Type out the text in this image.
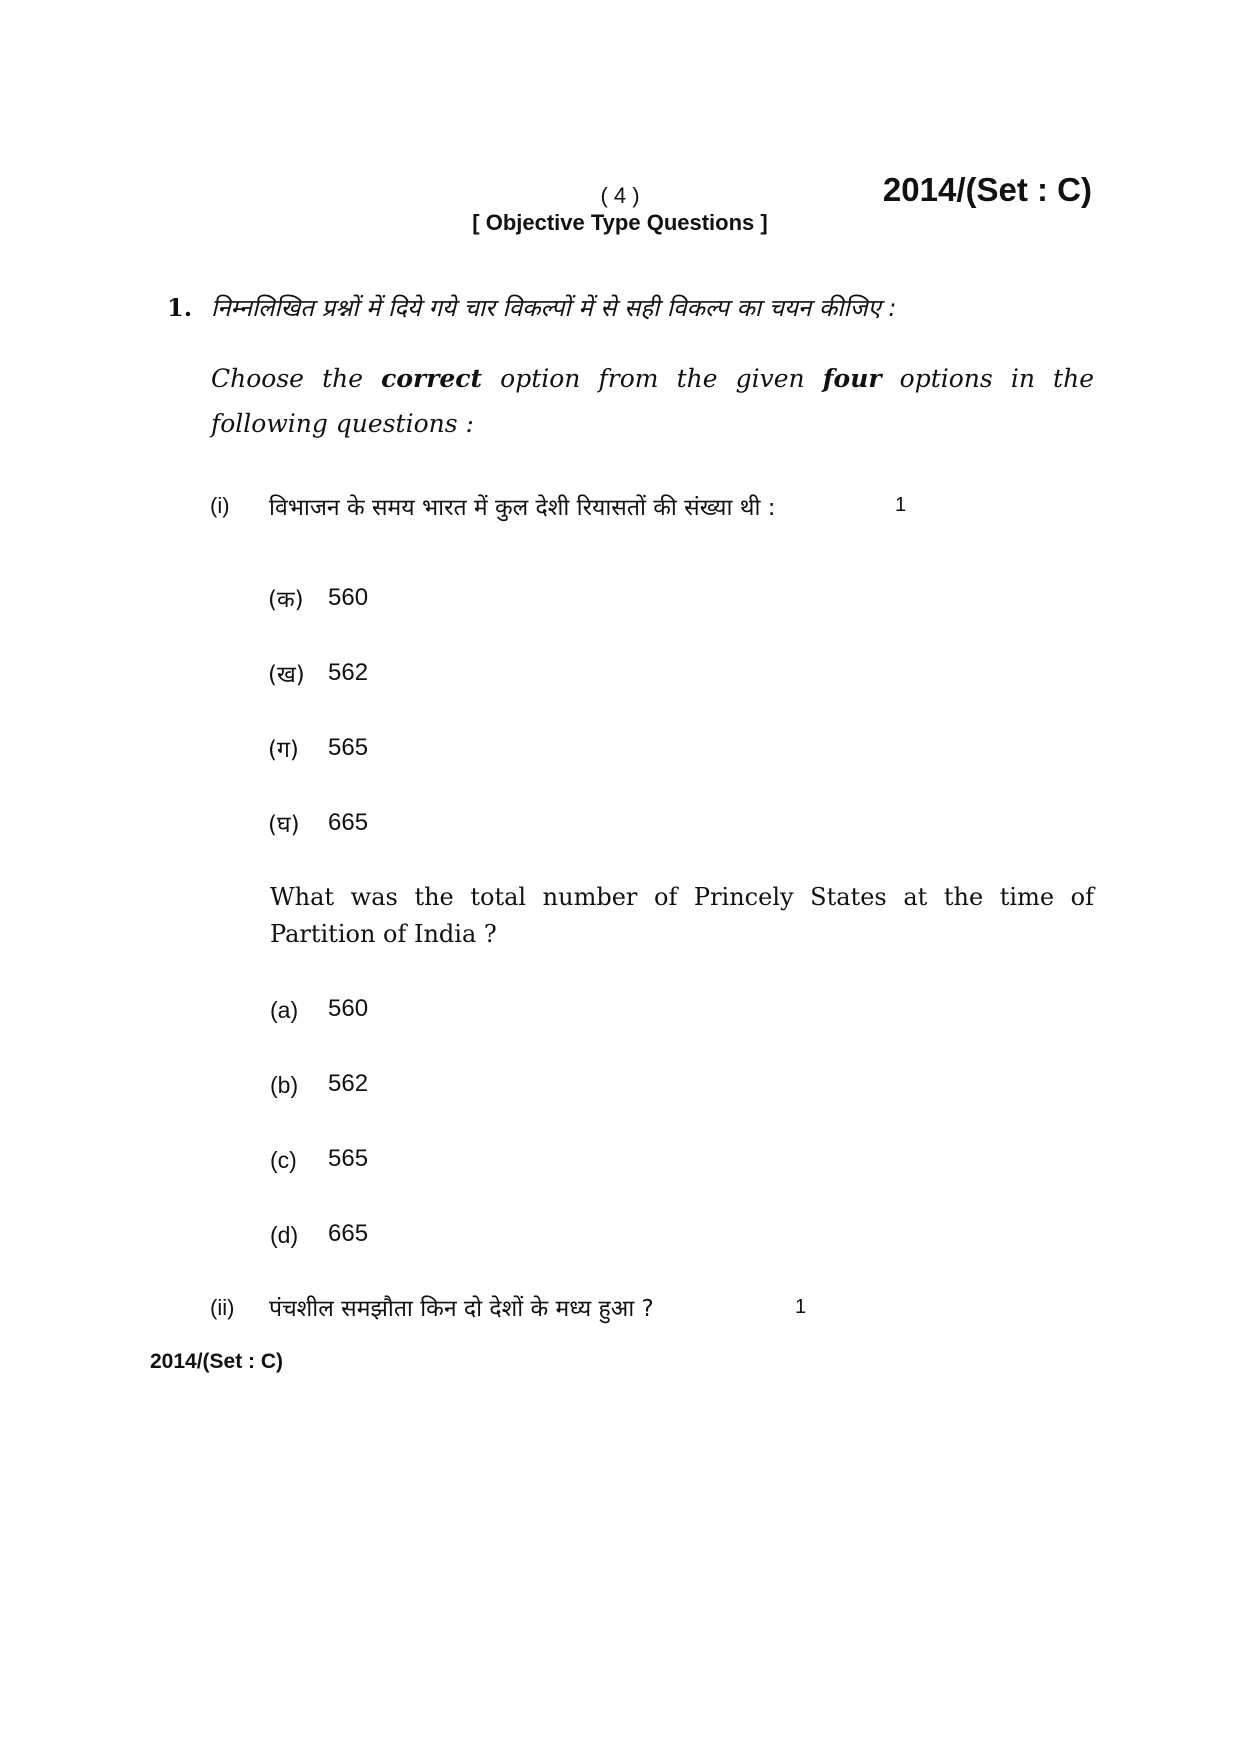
( 4 )	2014/(Set : C)
[ Objective Type Questions ]
1. निम्नलिखित प्रश्नों में दिये गये चार विकल्पों में से सही विकल्प का चयन कीजिए :
Choose the correct option from the given four options in the following questions :
(i) विभाजन के समय भारत में कुल देशी रियासतों की संख्या थी :	1
(क) 560
(ख) 562
(ग) 565
(घ) 665
What was the total number of Princely States at the time of Partition of India ?
(a) 560
(b) 562
(c) 565
(d) 665
(ii) पंचशील समझौता किन दो देशों के मध्य हुआ ?	1
2014/(Set : C)
